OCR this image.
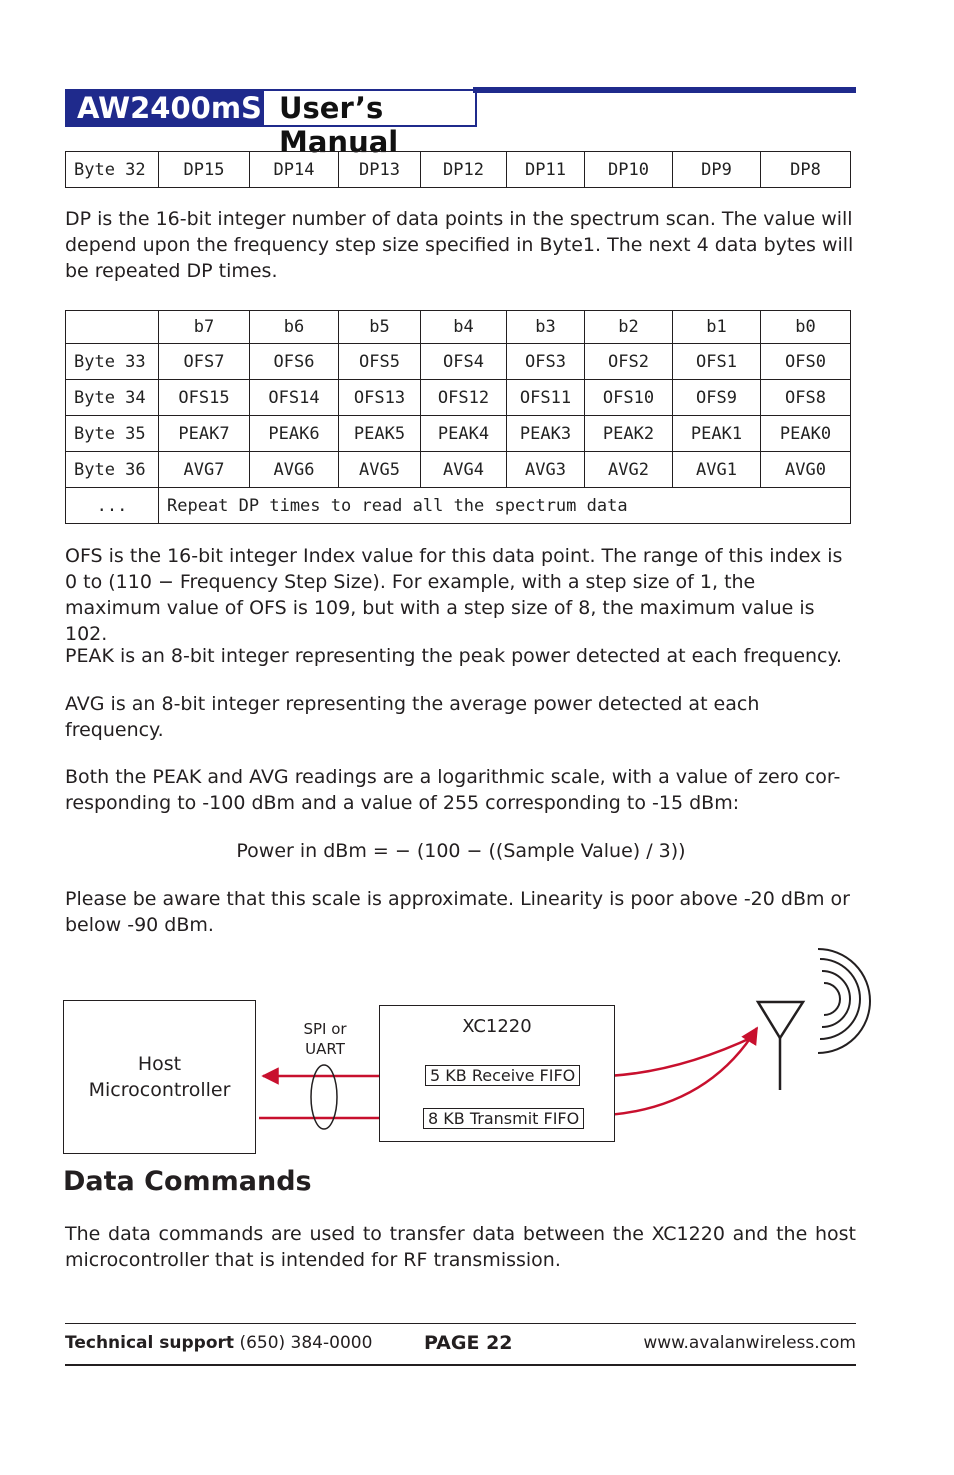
AW2400mSPI
User’s Manual
Byte 32	DP15	DP14	DP13	DP12	DP11	DP10	DP9	DP8
DP is the 16-bit integer number of data points in the spectrum scan. The value will depend upon the frequency step size specified in Byte1. The next 4 data bytes will be repeated DP times.
	b7	b6	b5	b4	b3	b2	b1	b0
Byte 33	OFS7	OFS6	OFS5	OFS4	OFS3	OFS2	OFS1	OFS0
Byte 34	OFS15	OFS14	OFS13	OFS12	OFS11	OFS10	OFS9	OFS8
Byte 35	PEAK7	PEAK6	PEAK5	PEAK4	PEAK3	PEAK2	PEAK1	PEAK0
Byte 36	AVG7	AVG6	AVG5	AVG4	AVG3	AVG2	AVG1	AVG0
...	Repeat DP times to read all the spectrum data							
OFS is the 16-bit integer Index value for this data point. The range of this index is 0 to (110 − Frequency Step Size). For example, with a step size of 1, the maximum value of OFS is 109, but with a step size of 8, the maximum value is 102.
PEAK is an 8-bit integer representing the peak power detected at each frequency.
AVG is an 8-bit integer representing the average power detected at each frequency.
Both the PEAK and AVG readings are a logarithmic scale, with a value of zero cor-responding to -100 dBm and a value of 255 corresponding to -15 dBm:
Power in dBm = − (100 − ((Sample Value) / 3))
Please be aware that this scale is approximate. Linearity is poor above -20 dBm or below -90 dBm.
Host
Microcontroller
SPI or
UART
XC1220
5 KB Receive FIFO
8 KB Transmit FIFO
Data Commands
The data commands are used to transfer data between the XC1220 and the host microcontroller that is intended for RF transmission.
Technical support (650) 384-0000	PAGE 22	www.avalanwireless.com
